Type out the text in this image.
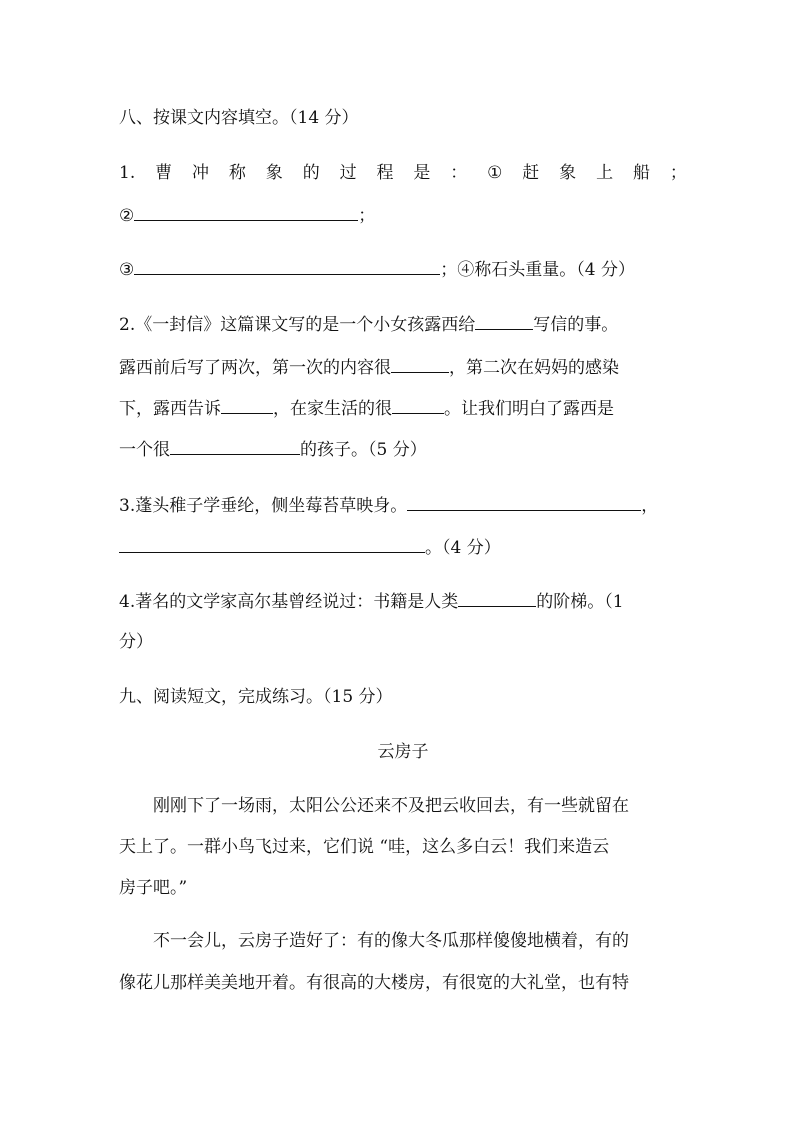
八、按课文内容填空。（14 分）
1. 曹 冲 称 象 的 过 程 是 ： ① 赶 象 上 船 ；
②	；
③	；④称石头重量。（4 分）
2.《一封信》这篇课文写的是一个小女孩露西给	写信的事。
露西前后写了两次，第一次的内容很	，第二次在妈妈的感染
下，露西告诉	，在家生活的很	。让我们明白了露西是
一个很	的孩子。（5 分）
3.蓬头稚子学垂纶，侧坐莓苔草映身。	，
。（4 分）
4.著名的文学家高尔基曾经说过：书籍是人类	的阶梯。（1
分）
九、阅读短文，完成练习。（15 分）
云房子
刚刚下了一场雨，太阳公公还来不及把云收回去，有一些就留在
天上了。一群小鸟飞过来，它们说 “哇，这么多白云！我们来造云
房子吧。”
不一会儿，云房子造好了：有的像大冬瓜那样傻傻地横着，有的
像花儿那样美美地开着。有很高的大楼房，有很宽的大礼堂，也有特
